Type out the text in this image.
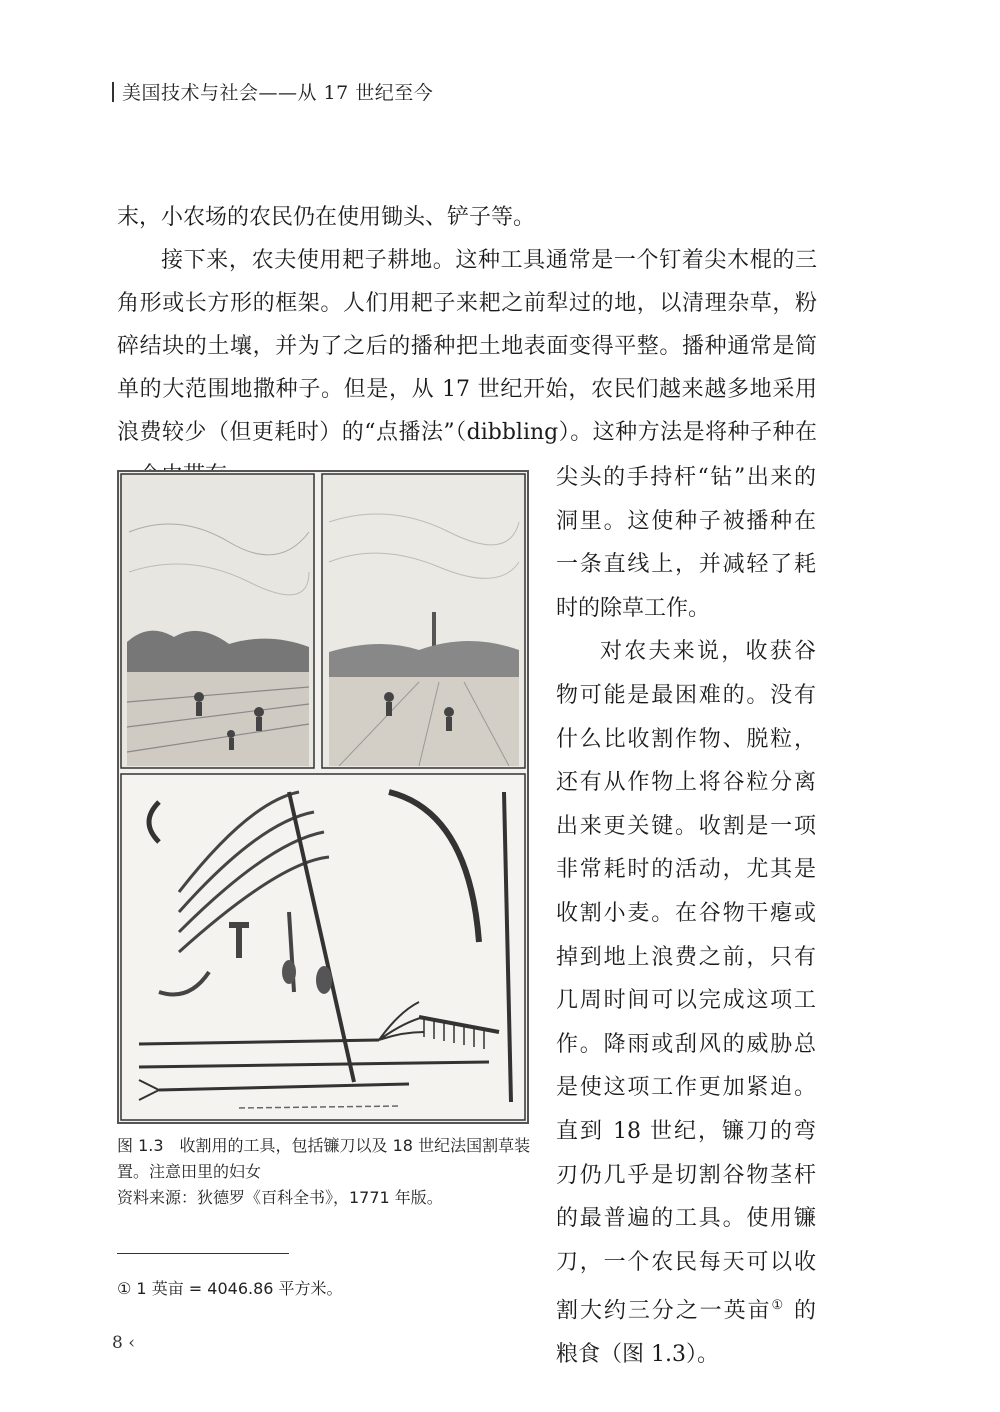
美国技术与社会——从 17 世纪至今

末，小农场的农民仍在使用锄头、铲子等。

接下来，农夫使用耙子耕地。这种工具通常是一个钉着尖木棍的三角形或长方形的框架。人们用耙子来耙之前犁过的地，以清理杂草，粉碎结块的土壤，并为了之后的播种把土地表面变得平整。播种通常是简单的大范围地撒种子。但是，从 17 世纪开始，农民们越来越多地采用浪费较少（但更耗时）的“点播法”（dibbling）。这种方法是将种子种在

尖头的手持杆“钻”出来的洞里。这使种子被播种在一条直线上，并减轻了耗时的除草工作。

对农夫来说，收获谷物可能是最困难的。没有什么比收割作物、脱粒，还有从作物上将谷粒分离出来更关键。收割是一项非常耗时的活动，尤其是收割小麦。在谷物干瘪或掉到地上浪费之前，只有几周时间可以完成这项工作。降雨或刮风的威胁总是使这项工作更加紧迫。直到 18 世纪，镰刀的弯刃仍几乎是切割谷物茎杆的最普遍的工具。使用镰刀，一个农民每天可以收割大约三分之一英亩① 的粮食（图 1.3）。

图 1.3　收割用的工具，包括镰刀以及 18 世纪法国割草装置。注意田里的妇女
资料来源：狄德罗《百科全书》，1771 年版。
① 1 英亩 = 4046.86 平方米。
8 ‹
